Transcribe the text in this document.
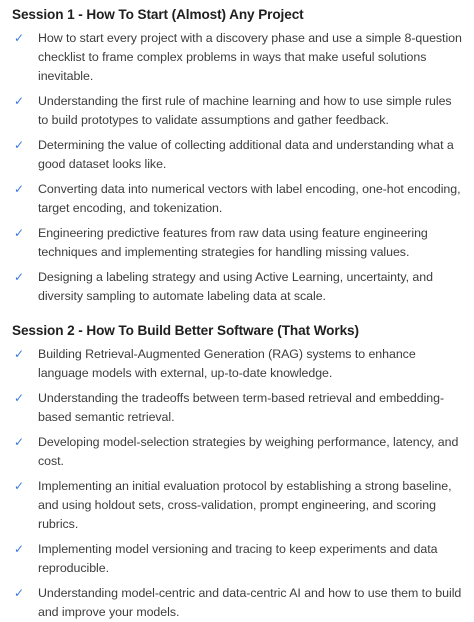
Session 1 - How To Start (Almost) Any Project
✓	How to start every project with a discovery phase and use a simple 8-question checklist to frame complex problems in ways that make useful solutions inevitable.
✓	Understanding the first rule of machine learning and how to use simple rules to build prototypes to validate assumptions and gather feedback.
✓	Determining the value of collecting additional data and understanding what a good dataset looks like.
✓	Converting data into numerical vectors with label encoding, one-hot encoding, target encoding, and tokenization.
✓	Engineering predictive features from raw data using feature engineering techniques and implementing strategies for handling missing values.
✓	Designing a labeling strategy and using Active Learning, uncertainty, and diversity sampling to automate labeling data at scale.
Session 2 - How To Build Better Software (That Works)
✓	Building Retrieval-Augmented Generation (RAG) systems to enhance language models with external, up-to-date knowledge.
✓	Understanding the tradeoffs between term-based retrieval and embedding-based semantic retrieval.
✓	Developing model-selection strategies by weighing performance, latency, and cost.
✓	Implementing an initial evaluation protocol by establishing a strong baseline, and using holdout sets, cross-validation, prompt engineering, and scoring rubrics.
✓	Implementing model versioning and tracing to keep experiments and data reproducible.
✓	Understanding model-centric and data-centric AI and how to use them to build and improve your models.
